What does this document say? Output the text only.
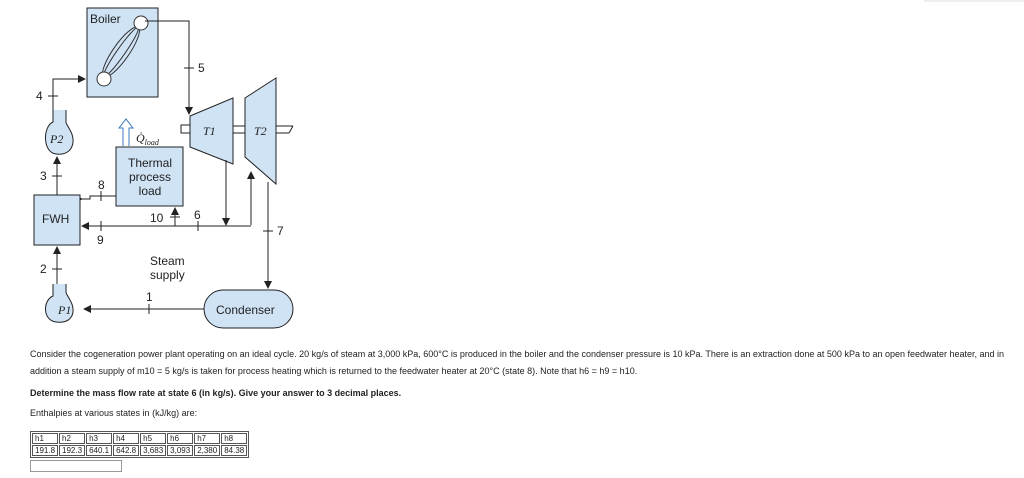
Boiler
5
T1	T2
7
6
9
10
Thermal
process
load
$Q̇_{load}$
8
FWH
P2
3
4
P1
2
Condenser
1
Steam
supply

Consider the cogeneration power plant operating on an ideal cycle. 20 kg/s of steam at 3,000 kPa, 600°C is produced in the boiler and the condenser pressure is 10 kPa. There is an extraction done at 500 kPa to an open feedwater heater, and in addition a steam supply of m10 = 5 kg/s is taken for process heating which is returned to the feedwater heater at 20°C (state 8). Note that h6 = h9 = h10.

Determine the mass flow rate at state 6 (in kg/s). Give your answer to 3 decimal places.

Enthalpies at various states in (kJ/kg) are:

h1	h2	h3	h4	h5	h6	h7	h8
191.8	192.3	640.1	642.8	3,683	3,093	2,380	84.38
